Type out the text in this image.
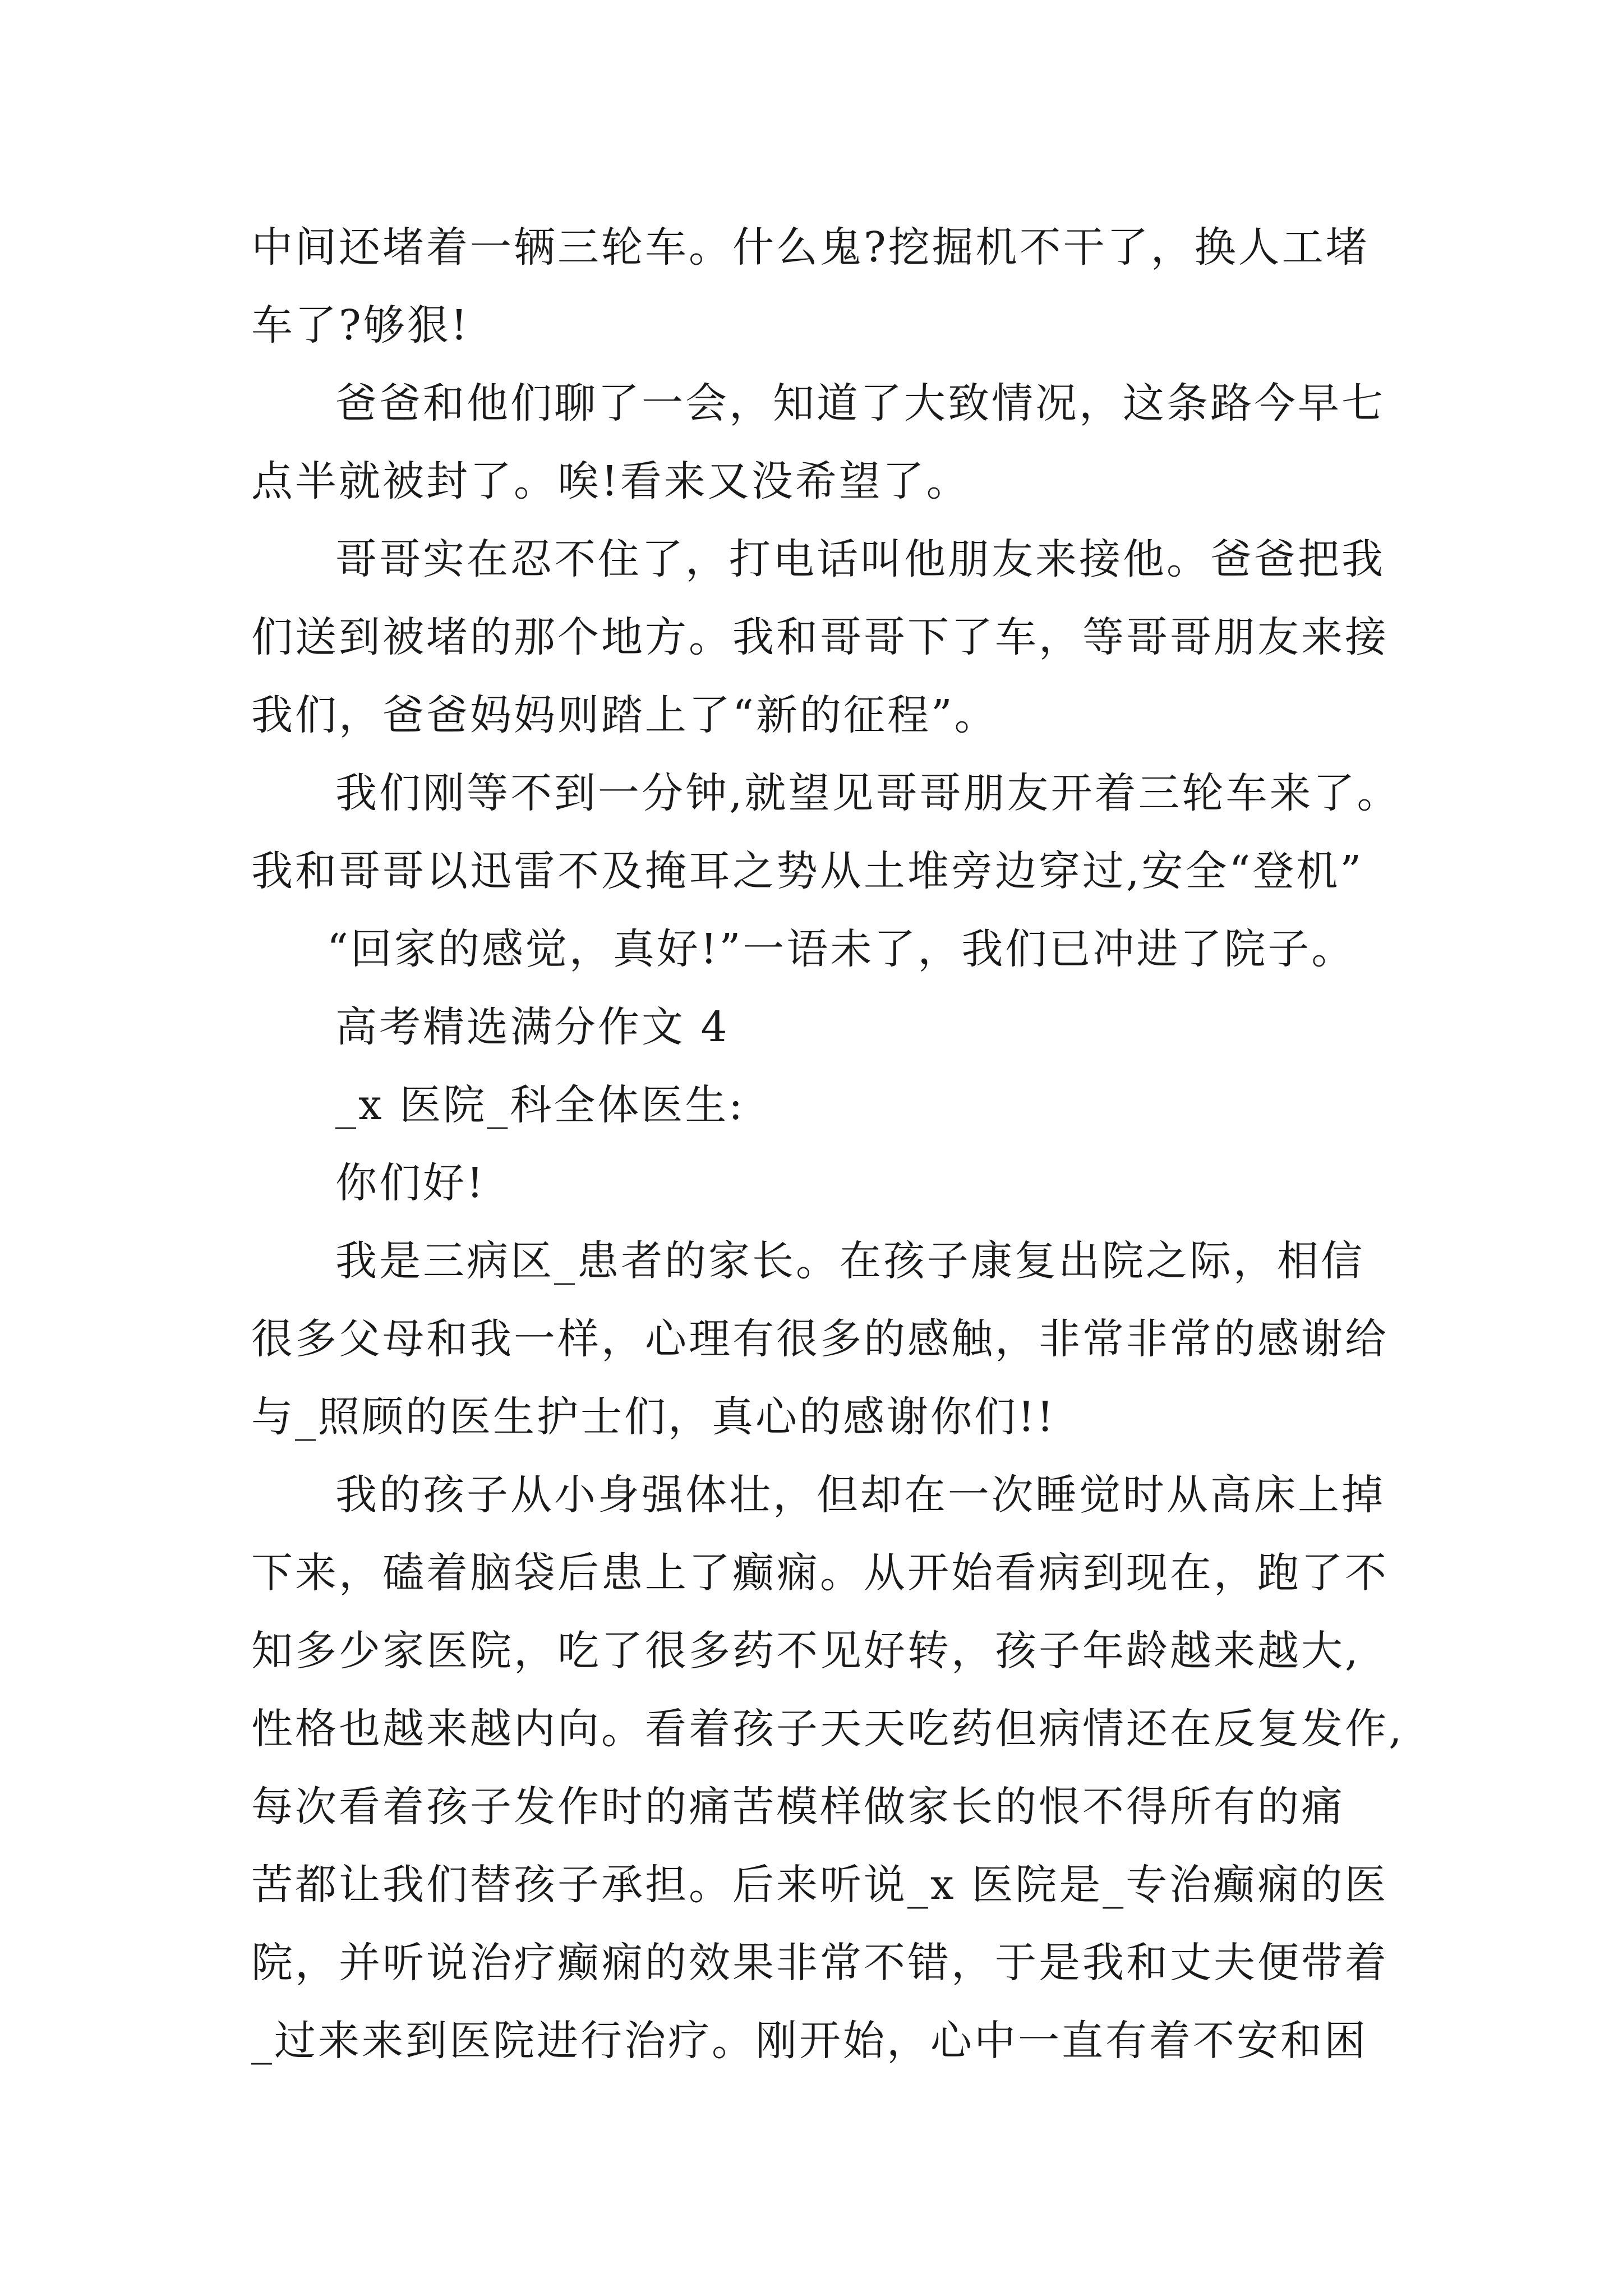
中间还堵着一辆三轮车。什么鬼?挖掘机不干了，换人工堵
车了?够狠!
爸爸和他们聊了一会，知道了大致情况，这条路今早七
点半就被封了。唉!看来又没希望了。
哥哥实在忍不住了，打电话叫他朋友来接他。爸爸把我
们送到被堵的那个地方。我和哥哥下了车，等哥哥朋友来接
我们，爸爸妈妈则踏上了“新的征程”。
我们刚等不到一分钟,就望见哥哥朋友开着三轮车来了。
我和哥哥以迅雷不及掩耳之势从土堆旁边穿过,安全“登机”
“回家的感觉，真好!”一语未了，我们已冲进了院子。
高考精选满分作文 4
_x 医院_科全体医生:
你们好!
我是三病区_患者的家长。在孩子康复出院之际，相信
很多父母和我一样，心理有很多的感触，非常非常的感谢给
与_照顾的医生护士们，真心的感谢你们!!
我的孩子从小身强体壮，但却在一次睡觉时从高床上掉
下来，磕着脑袋后患上了癫痫。从开始看病到现在，跑了不
知多少家医院，吃了很多药不见好转，孩子年龄越来越大,
性格也越来越内向。看着孩子天天吃药但病情还在反复发作,
每次看着孩子发作时的痛苦模样做家长的恨不得所有的痛
苦都让我们替孩子承担。后来听说_x 医院是_专治癫痫的医
院，并听说治疗癫痫的效果非常不错，于是我和丈夫便带着
_过来来到医院进行治疗。刚开始，心中一直有着不安和困
